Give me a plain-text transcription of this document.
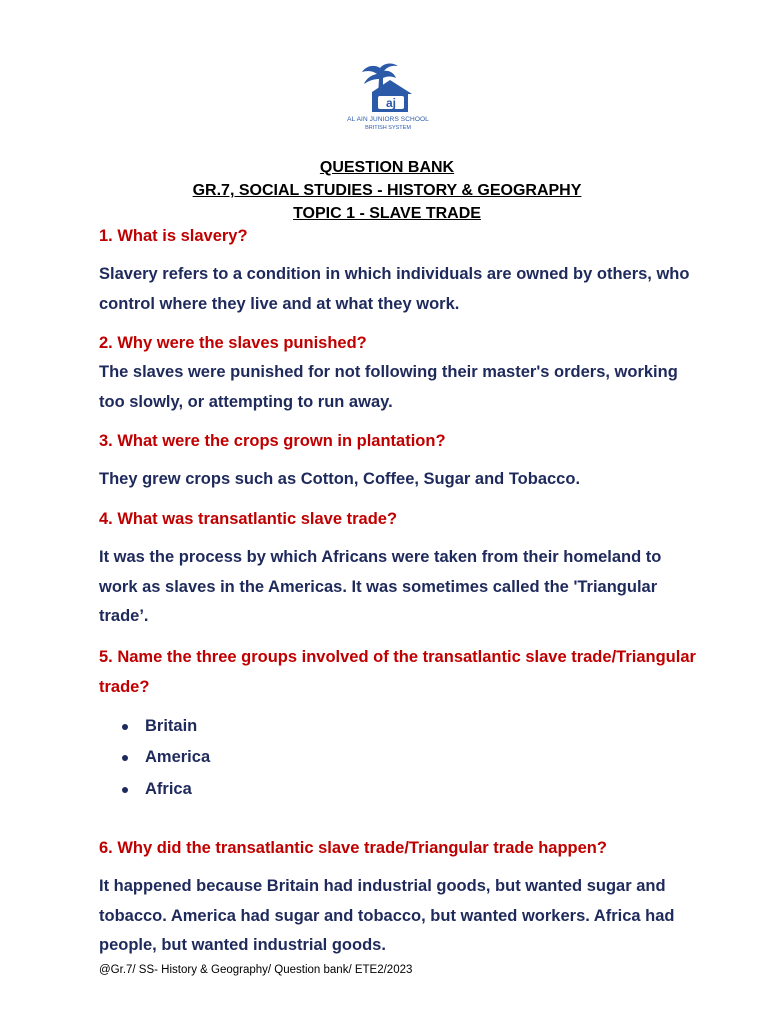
aj
AL AIN JUNIORS SCHOOL
BRITISH SYSTEM
QUESTION BANK
GR.7, SOCIAL STUDIES - HISTORY & GEOGRAPHY
TOPIC 1 - SLAVE TRADE
1. What is slavery?
Slavery refers to a condition in which individuals are owned by others, who control where they live and at what they work.
2. Why were the slaves punished?
The slaves were punished for not following their master's orders, working too slowly, or attempting to run away.
3. What were the crops grown in plantation?
They grew crops such as Cotton, Coffee, Sugar and Tobacco.
4. What was transatlantic slave trade?
It was the process by which Africans were taken from their homeland to work as slaves in the Americas. It was sometimes called the 'Triangular trade’.
5. Name the three groups involved of the transatlantic slave trade/Triangular trade?
Britain
America
Africa
6. Why did the transatlantic slave trade/Triangular trade happen?
It happened because Britain had industrial goods, but wanted sugar and tobacco. America had sugar and tobacco, but wanted workers. Africa had people, but wanted industrial goods.
@Gr.7/ SS- History & Geography/ Question bank/ ETE2/2023
